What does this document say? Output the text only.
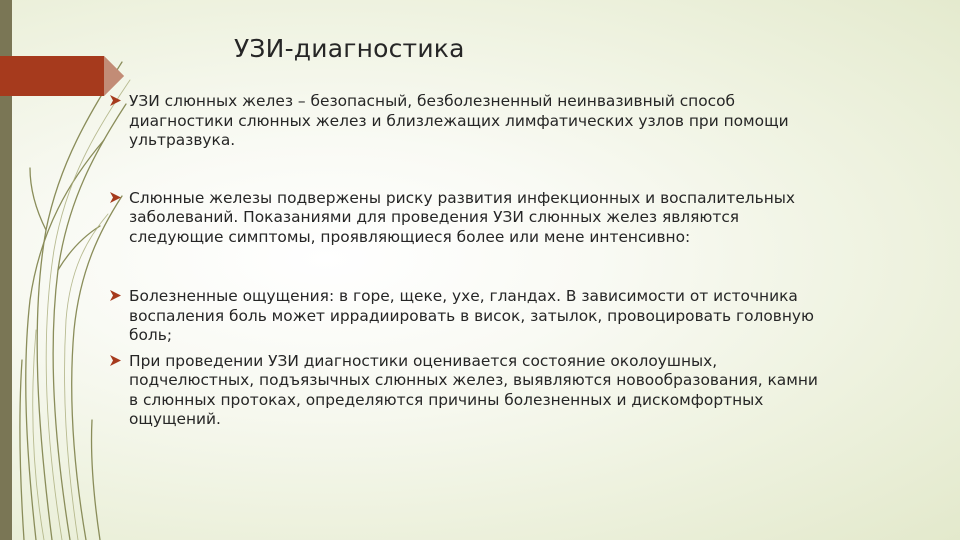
УЗИ-диагностика
УЗИ слюнных желез – безопасный, безболезненный неинвазивный способ диагностики слюнных желез и близлежащих лимфатических узлов при помощи ультразвука.
Слюнные железы подвержены риску развития инфекционных и воспалительных заболеваний. Показаниями для проведения УЗИ слюнных желез являются следующие симптомы, проявляющиеся более или мене интенсивно:
Болезненные ощущения: в горе, щеке, ухе, гландах. В зависимости от источника воспаления боль может иррадиировать в висок, затылок, провоцировать головную боль;
При проведении УЗИ диагностики оценивается состояние околоушных, подчелюстных, подъязычных слюнных желез, выявляются новообразования, камни в слюнных протоках, определяются причины болезненных и дискомфортных ощущений.
